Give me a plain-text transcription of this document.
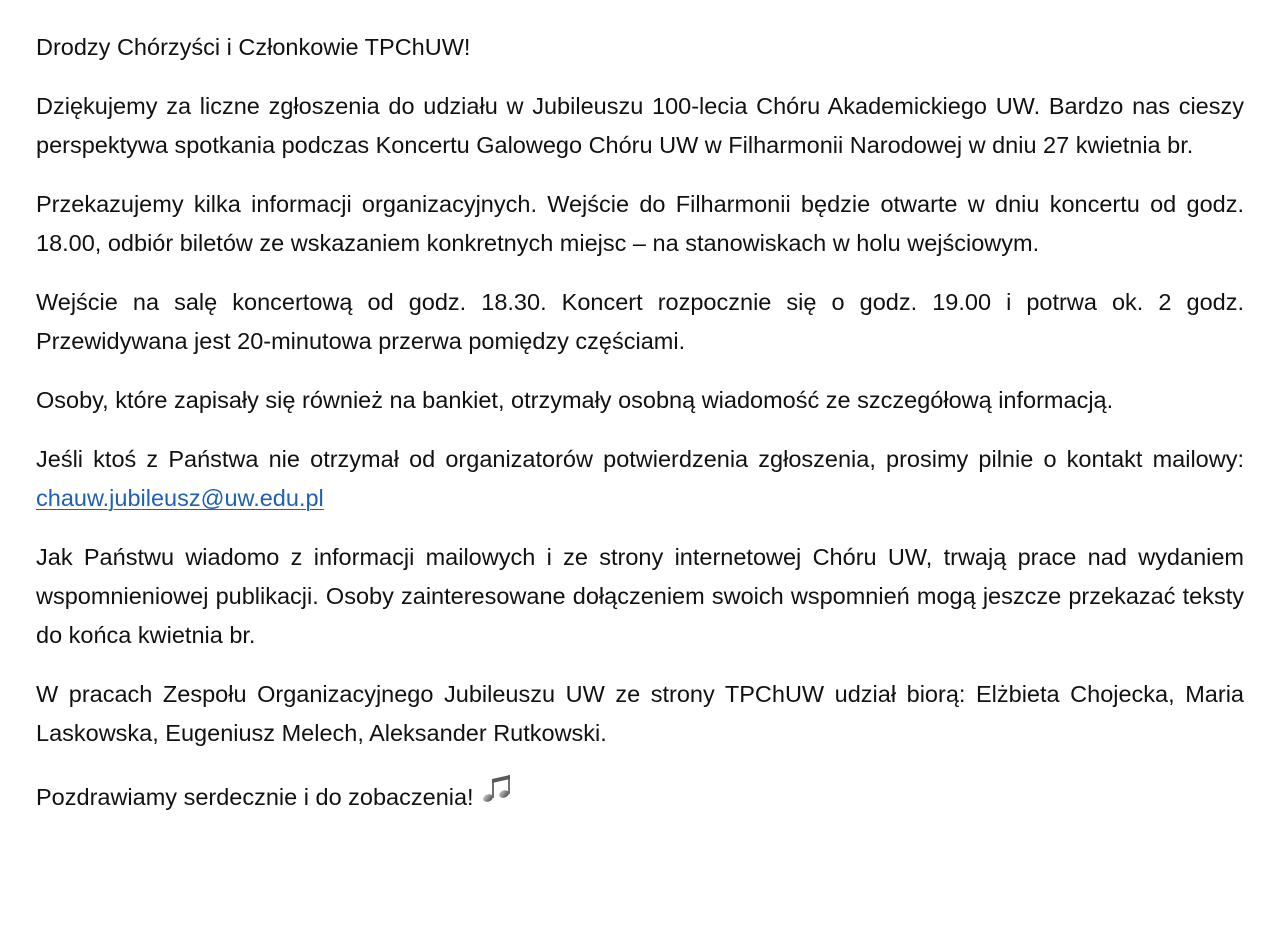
Drodzy Chórzyści i Członkowie TPChUW!

Dziękujemy za liczne zgłoszenia do udziału w Jubileuszu 100-lecia Chóru Akademickiego UW. Bardzo nas cieszy perspektywa spotkania podczas Koncertu Galowego Chóru UW w Filharmonii Narodowej w dniu 27 kwietnia br.

Przekazujemy kilka informacji organizacyjnych. Wejście do Filharmonii będzie otwarte w dniu koncertu od godz. 18.00, odbiór biletów ze wskazaniem konkretnych miejsc – na stanowiskach w holu wejściowym.

Wejście na salę koncertową od godz. 18.30. Koncert rozpocznie się o godz. 19.00 i potrwa ok. 2 godz. Przewidywana jest 20-minutowa przerwa pomiędzy częściami.

Osoby, które zapisały się również na bankiet, otrzymały osobną wiadomość ze szczegółową informacją.

Jeśli ktoś z Państwa nie otrzymał od organizatorów potwierdzenia zgłoszenia, prosimy pilnie o kontakt mailowy: chauw.jubileusz@uw.edu.pl

Jak Państwu wiadomo z informacji mailowych i ze strony internetowej Chóru UW, trwają prace nad wydaniem wspomnieniowej publikacji. Osoby zainteresowane dołączeniem swoich wspomnień mogą jeszcze przekazać teksty do końca kwietnia br.

W pracach Zespołu Organizacyjnego Jubileuszu UW ze strony TPChUW udział biorą: Elżbieta Chojecka, Maria Laskowska, Eugeniusz Melech, Aleksander Rutkowski.

Pozdrawiamy serdecznie i do zobaczenia!
